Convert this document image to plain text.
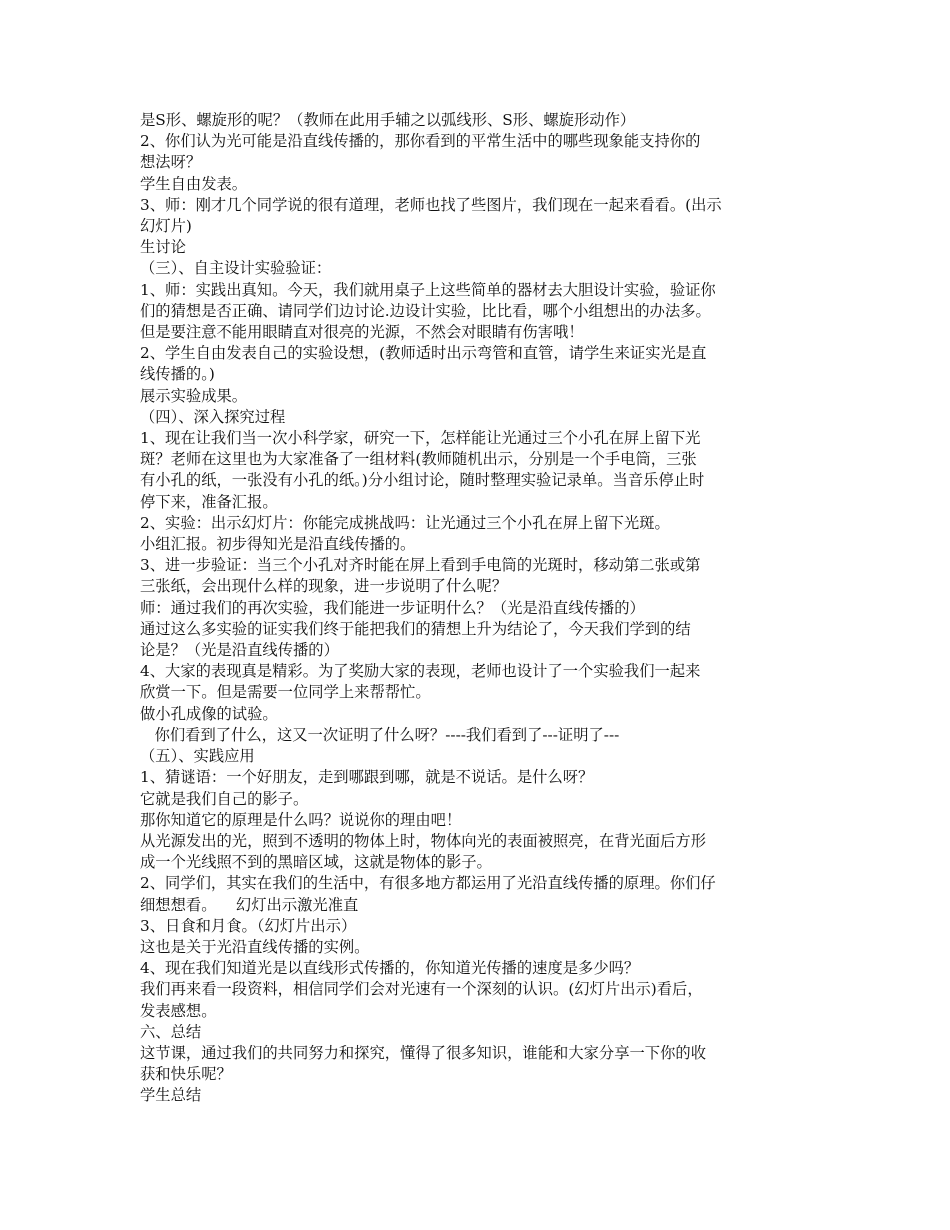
是S形、螺旋形的呢？（教师在此用手辅之以弧线形、S形、螺旋形动作）
2、你们认为光可能是沿直线传播的，那你看到的平常生活中的哪些现象能支持你的
想法呀？
学生自由发表。
3、师：刚才几个同学说的很有道理，老师也找了些图片，我们现在一起来看看。(出示
幻灯片)
生讨论
（三）、自主设计实验验证：
1、师：实践出真知。今天，我们就用桌子上这些简单的器材去大胆设计实验，验证你
们的猜想是否正确、请同学们边讨论.边设计实验，比比看，哪个小组想出的办法多。
但是要注意不能用眼睛直对很亮的光源，不然会对眼睛有伤害哦！
2、学生自由发表自己的实验设想，(教师适时出示弯管和直管，请学生来证实光是直
线传播的。)
展示实验成果。
（四）、深入探究过程
1、现在让我们当一次小科学家，研究一下，怎样能让光通过三个小孔在屏上留下光
斑？老师在这里也为大家准备了一组材料(教师随机出示，分别是一个手电筒，三张
有小孔的纸，一张没有小孔的纸。)分小组讨论，随时整理实验记录单。当音乐停止时
停下来，准备汇报。
2、实验：出示幻灯片：你能完成挑战吗：让光通过三个小孔在屏上留下光斑。
小组汇报。初步得知光是沿直线传播的。
3、进一步验证：当三个小孔对齐时能在屏上看到手电筒的光斑时，移动第二张或第
三张纸，会出现什么样的现象，进一步说明了什么呢？
师：通过我们的再次实验，我们能进一步证明什么？（光是沿直线传播的）
通过这么多实验的证实我们终于能把我们的猜想上升为结论了，今天我们学到的结
论是？（光是沿直线传播的）
4、大家的表现真是精彩。为了奖励大家的表现，老师也设计了一个实验我们一起来
欣赏一下。但是需要一位同学上来帮帮忙。
做小孔成像的试验。
你们看到了什么，这又一次证明了什么呀？----我们看到了---证明了---
（五）、实践应用
1、猜谜语：一个好朋友，走到哪跟到哪，就是不说话。是什么呀？
它就是我们自己的影子。
那你知道它的原理是什么吗？说说你的理由吧！
从光源发出的光，照到不透明的物体上时，物体向光的表面被照亮，在背光面后方形
成一个光线照不到的黑暗区域，这就是物体的影子。
2、同学们，其实在我们的生活中，有很多地方都运用了光沿直线传播的原理。你们仔
细想想看。    幻灯出示激光准直
3、日食和月食。（幻灯片出示）
这也是关于光沿直线传播的实例。
4、现在我们知道光是以直线形式传播的，你知道光传播的速度是多少吗？
我们再来看一段资料，相信同学们会对光速有一个深刻的认识。(幻灯片出示)看后，
发表感想。
六、总结
这节课，通过我们的共同努力和探究，懂得了很多知识，谁能和大家分享一下你的收
获和快乐呢？
学生总结
